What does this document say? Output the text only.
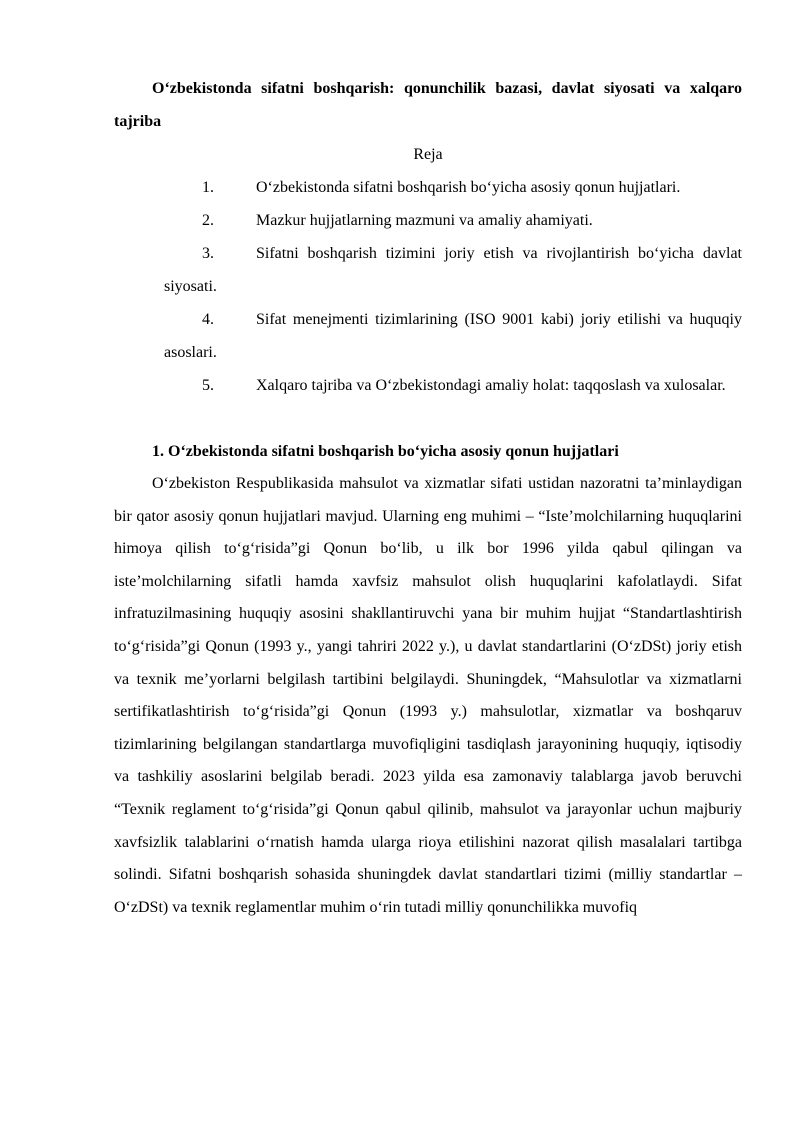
O‘zbekistonda sifatni boshqarish: qonunchilik bazasi, davlat siyosati va xalqaro tajriba

Reja

1.	O‘zbekistonda sifatni boshqarish bo‘yicha asosiy qonun hujjatlari.
2.	Mazkur hujjatlarning mazmuni va amaliy ahamiyati.
3.	Sifatni boshqarish tizimini joriy etish va rivojlantirish bo‘yicha davlat siyosati.
4.	Sifat menejmenti tizimlarining (ISO 9001 kabi) joriy etilishi va huquqiy asoslari.
5.	Xalqaro tajriba va O‘zbekistondagi amaliy holat: taqqoslash va xulosalar.
1. O‘zbekistonda sifatni boshqarish bo‘yicha asosiy qonun hujjatlari

O‘zbekiston Respublikasida mahsulot va xizmatlar sifati ustidan nazoratni ta’minlaydigan bir qator asosiy qonun hujjatlari mavjud. Ularning eng muhimi – “Iste’molchilarning huquqlarini himoya qilish to‘g‘risida”gi Qonun bo‘lib, u ilk bor 1996 yilda qabul qilingan va iste’molchilarning sifatli hamda xavfsiz mahsulot olish huquqlarini kafolatlaydi. Sifat infratuzilmasining huquqiy asosini shakllantiruvchi yana bir muhim hujjat “Standartlashtirish to‘g‘risida”gi Qonun (1993 y., yangi tahriri 2022 y.), u davlat standartlarini (O‘zDSt) joriy etish va texnik me’yorlarni belgilash tartibini belgilaydi. Shuningdek, “Mahsulotlar va xizmatlarni sertifikatlashtirish to‘g‘risida”gi Qonun (1993 y.) mahsulotlar, xizmatlar va boshqaruv tizimlarining belgilangan standartlarga muvofiqligini tasdiqlash jarayonining huquqiy, iqtisodiy va tashkiliy asoslarini belgilab beradi. 2023 yilda esa zamonaviy talablarga javob beruvchi “Texnik reglament to‘g‘risida”gi Qonun qabul qilinib, mahsulot va jarayonlar uchun majburiy xavfsizlik talablarini o‘rnatish hamda ularga rioya etilishini nazorat qilish masalalari tartibga solindi. Sifatni boshqarish sohasida shuningdek davlat standartlari tizimi (milliy standartlar – O‘zDSt) va texnik reglamentlar muhim o‘rin tutadi milliy qonunchilikka muvofiq
